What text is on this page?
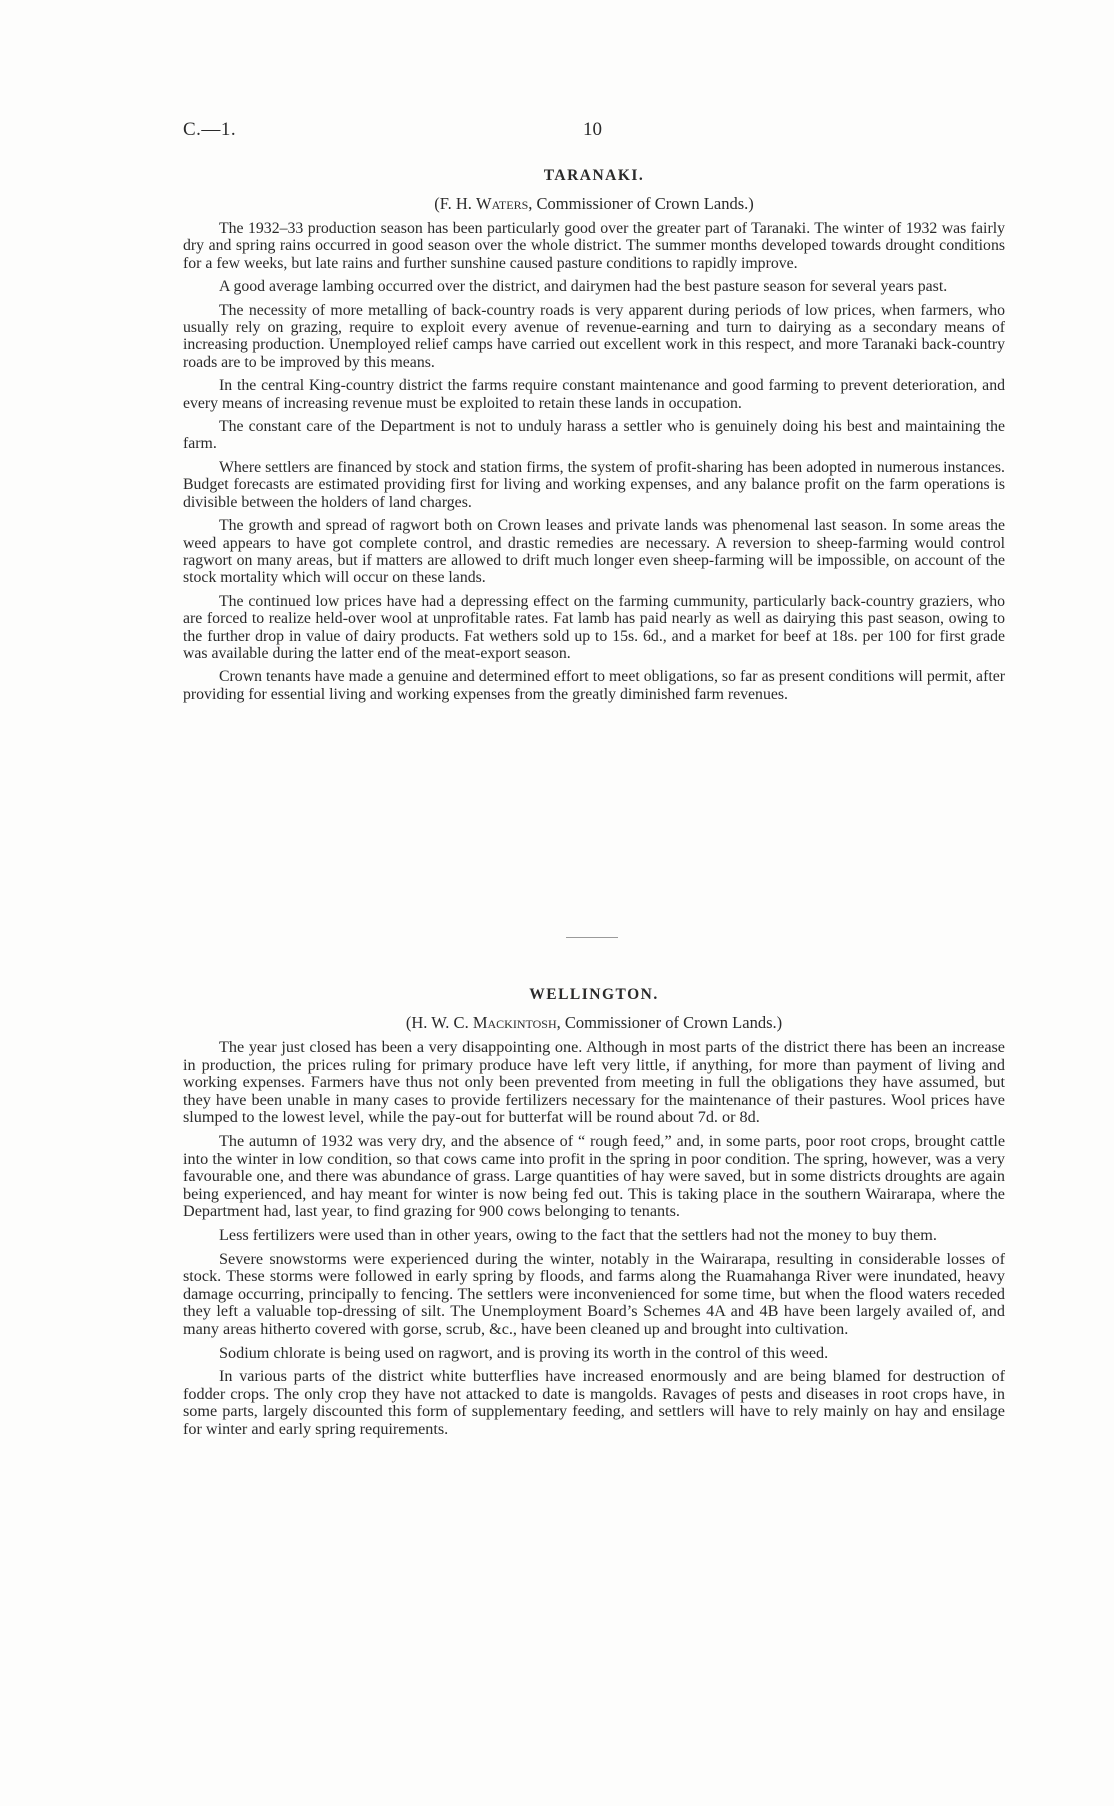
C.—1.	10
TARANAKI.

(F. H. Waters, Commissioner of Crown Lands.)

The 1932–33 production season has been particularly good over the greater part of Taranaki. The winter of 1932 was fairly dry and spring rains occurred in good season over the whole district. The summer months developed towards drought conditions for a few weeks, but late rains and further sunshine caused pasture conditions to rapidly improve.

A good average lambing occurred over the district, and dairymen had the best pasture season for several years past.

The necessity of more metalling of back-country roads is very apparent during periods of low prices, when farmers, who usually rely on grazing, require to exploit every avenue of revenue-earning and turn to dairying as a secondary means of increasing production. Unemployed relief camps have carried out excellent work in this respect, and more Taranaki back-country roads are to be improved by this means.

In the central King-country district the farms require constant maintenance and good farming to prevent deterioration, and every means of increasing revenue must be exploited to retain these lands in occupation.

The constant care of the Department is not to unduly harass a settler who is genuinely doing his best and maintaining the farm.

Where settlers are financed by stock and station firms, the system of profit-sharing has been adopted in numerous instances. Budget forecasts are estimated providing first for living and working expenses, and any balance profit on the farm operations is divisible between the holders of land charges.

The growth and spread of ragwort both on Crown leases and private lands was phenomenal last season. In some areas the weed appears to have got complete control, and drastic remedies are necessary. A reversion to sheep-farming would control ragwort on many areas, but if matters are allowed to drift much longer even sheep-farming will be impossible, on account of the stock mortality which will occur on these lands.

The continued low prices have had a depressing effect on the farming cummunity, particularly back-country graziers, who are forced to realize held-over wool at unprofitable rates. Fat lamb has paid nearly as well as dairying this past season, owing to the further drop in value of dairy products. Fat wethers sold up to 15s. 6d., and a market for beef at 18s. per 100 for first grade was available during the latter end of the meat-export season.

Crown tenants have made a genuine and determined effort to meet obligations, so far as present conditions will permit, after providing for essential living and working expenses from the greatly diminished farm revenues.

WELLINGTON.

(H. W. C. Mackintosh, Commissioner of Crown Lands.)

The year just closed has been a very disappointing one. Although in most parts of the district there has been an increase in production, the prices ruling for primary produce have left very little, if anything, for more than payment of living and working expenses. Farmers have thus not only been prevented from meeting in full the obligations they have assumed, but they have been unable in many cases to provide fertilizers necessary for the maintenance of their pastures. Wool prices have slumped to the lowest level, while the pay-out for butterfat will be round about 7d. or 8d.

The autumn of 1932 was very dry, and the absence of “ rough feed,” and, in some parts, poor root crops, brought cattle into the winter in low condition, so that cows came into profit in the spring in poor condition. The spring, however, was a very favourable one, and there was abundance of grass. Large quantities of hay were saved, but in some districts droughts are again being experienced, and hay meant for winter is now being fed out. This is taking place in the southern Wairarapa, where the Department had, last year, to find grazing for 900 cows belonging to tenants.

Less fertilizers were used than in other years, owing to the fact that the settlers had not the money to buy them.

Severe snowstorms were experienced during the winter, notably in the Wairarapa, resulting in considerable losses of stock. These storms were followed in early spring by floods, and farms along the Ruamahanga River were inundated, heavy damage occurring, principally to fencing. The settlers were inconvenienced for some time, but when the flood waters receded they left a valuable top-dressing of silt. The Unemployment Board’s Schemes 4A and 4B have been largely availed of, and many areas hitherto covered with gorse, scrub, &c., have been cleaned up and brought into cultivation.

Sodium chlorate is being used on ragwort, and is proving its worth in the control of this weed.

In various parts of the district white butterflies have increased enormously and are being blamed for destruction of fodder crops. The only crop they have not attacked to date is mangolds. Ravages of pests and diseases in root crops have, in some parts, largely discounted this form of supplementary feeding, and settlers will have to rely mainly on hay and ensilage for winter and early spring requirements.
